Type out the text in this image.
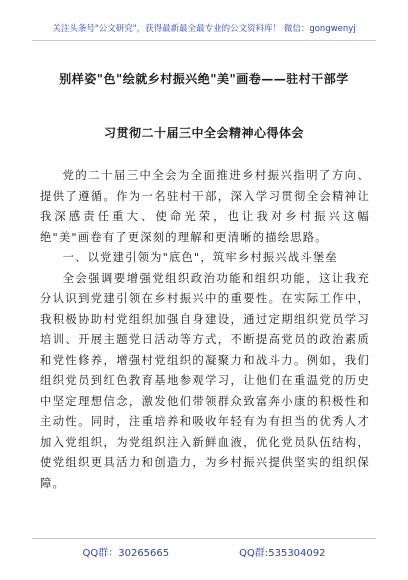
关注头条号"公文研究"，获得最新最全最专业的公文资料库！ 微信：gongwenyj
别样姿"色"绘就乡村振兴绝"美"画卷——驻村干部学
习贯彻二十届三中全会精神心得体会

党的二十届三中全会为全面推进乡村振兴指明了方向、提供了遵循。作为一名驻村干部，深入学习贯彻全会精神让我深感责任重大、使命光荣，也让我对乡村振兴这幅绝"美"画卷有了更深刻的理解和更清晰的描绘思路。

一、以党建引领为"底色"，筑牢乡村振兴战斗堡垒

全会强调要增强党组织政治功能和组织功能，这让我充分认识到党建引领在乡村振兴中的重要性。在实际工作中，我积极协助村党组织加强自身建设，通过定期组织党员学习培训、开展主题党日活动等方式，不断提高党员的政治素质和党性修养，增强村党组织的凝聚力和战斗力。例如，我们组织党员到红色教育基地参观学习，让他们在重温党的历史中坚定理想信念，激发他们带领群众致富奔小康的积极性和主动性。同时，注重培养和吸收年轻有为有担当的优秀人才加入党组织，为党组织注入新鲜血液，优化党员队伍结构，使党组织更具活力和创造力，为乡村振兴提供坚实的组织保障。

QQ群：30265665	QQ群:535304092
